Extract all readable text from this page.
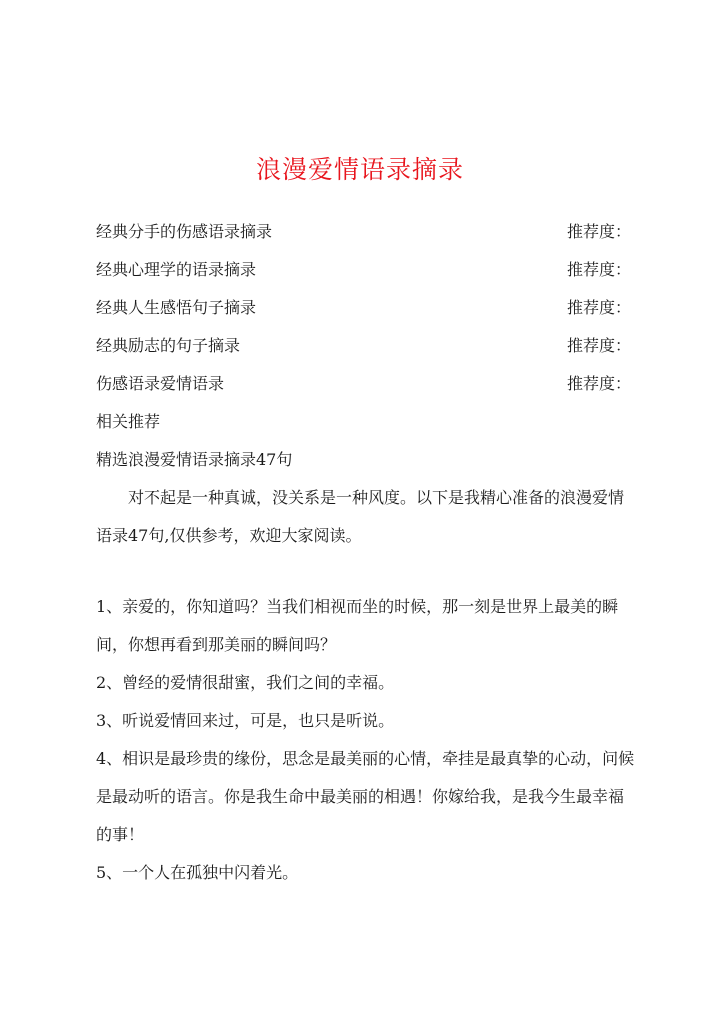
浪漫爱情语录摘录
经典分手的伤感语录摘录	推荐度：
经典心理学的语录摘录	推荐度：
经典人生感悟句子摘录	推荐度：
经典励志的句子摘录	推荐度：
伤感语录爱情语录	推荐度：
相关推荐
精选浪漫爱情语录摘录47句
对不起是一种真诚，没关系是一种风度。以下是我精心准备的浪漫爱情语录47句,仅供参考，欢迎大家阅读。
1、亲爱的，你知道吗？当我们相视而坐的时候，那一刻是世界上最美的瞬间，你想再看到那美丽的瞬间吗？
2、曾经的爱情很甜蜜，我们之间的幸福。
3、听说爱情回来过，可是，也只是听说。
4、相识是最珍贵的缘份，思念是最美丽的心情，牵挂是最真挚的心动，问候是最动听的语言。你是我生命中最美丽的相遇！你嫁给我，是我今生最幸福的事！
5、一个人在孤独中闪着光。
